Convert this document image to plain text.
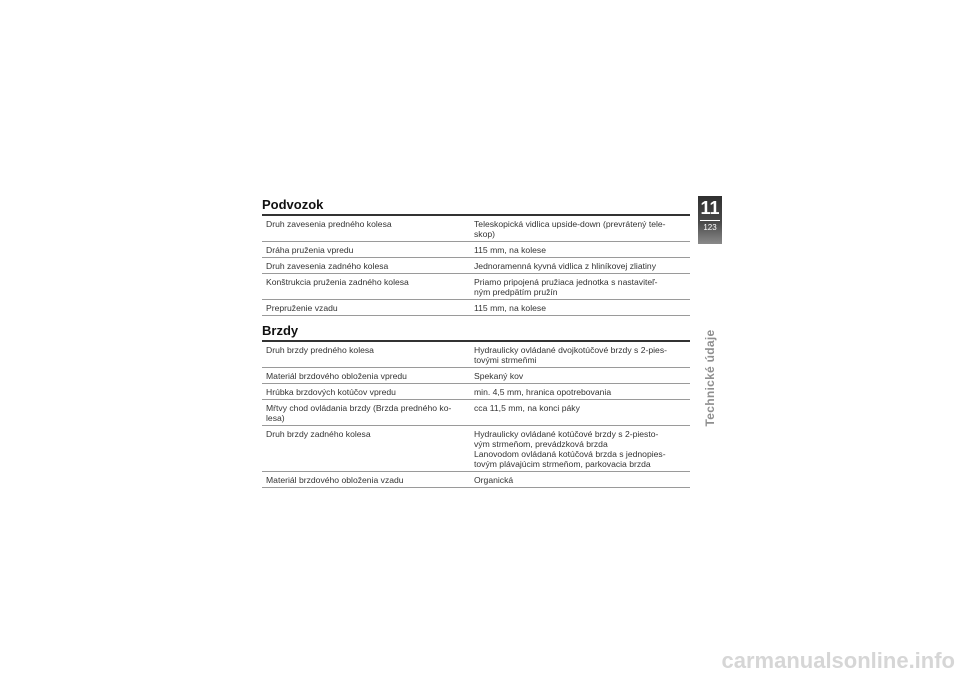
Podvozok
Druh zavesenia predného kolesa	Teleskopická vidlica upside-down (prevrátený tele-
skop)

Dráha pruženia vpredu	115 mm, na kolese

Druh zavesenia zadného kolesa	Jednoramenná kyvná vidlica z hliníkovej zliatiny

Konštrukcia pruženia zadného kolesa	Priamo pripojená pružiaca jednotka s nastaviteľ-
ným predpätím pružín

Prepruženie vzadu	115 mm, na kolese
Brzdy
Druh brzdy predného kolesa	Hydraulicky ovládané dvojkotúčové brzdy s 2-pies-
tovými strmeňmi

Materiál brzdového obloženia vpredu	Spekaný kov

Hrúbka brzdových kotúčov vpredu	min. 4,5 mm, hranica opotrebovania

Mŕtvy chod ovládania brzdy (Brzda predného ko-
lesa)	cca 11,5 mm, na konci páky

Druh brzdy zadného kolesa	Hydraulicky ovládané kotúčové brzdy s 2-piesto-
vým strmeňom, prevádzková brzda
Lanovodom ovládaná kotúčová brzda s jednopies-
tovým plávajúcim strmeňom, parkovacia brzda

Materiál brzdového obloženia vzadu	Organická
11
123
Technické údaje
carmanualsonline.info
